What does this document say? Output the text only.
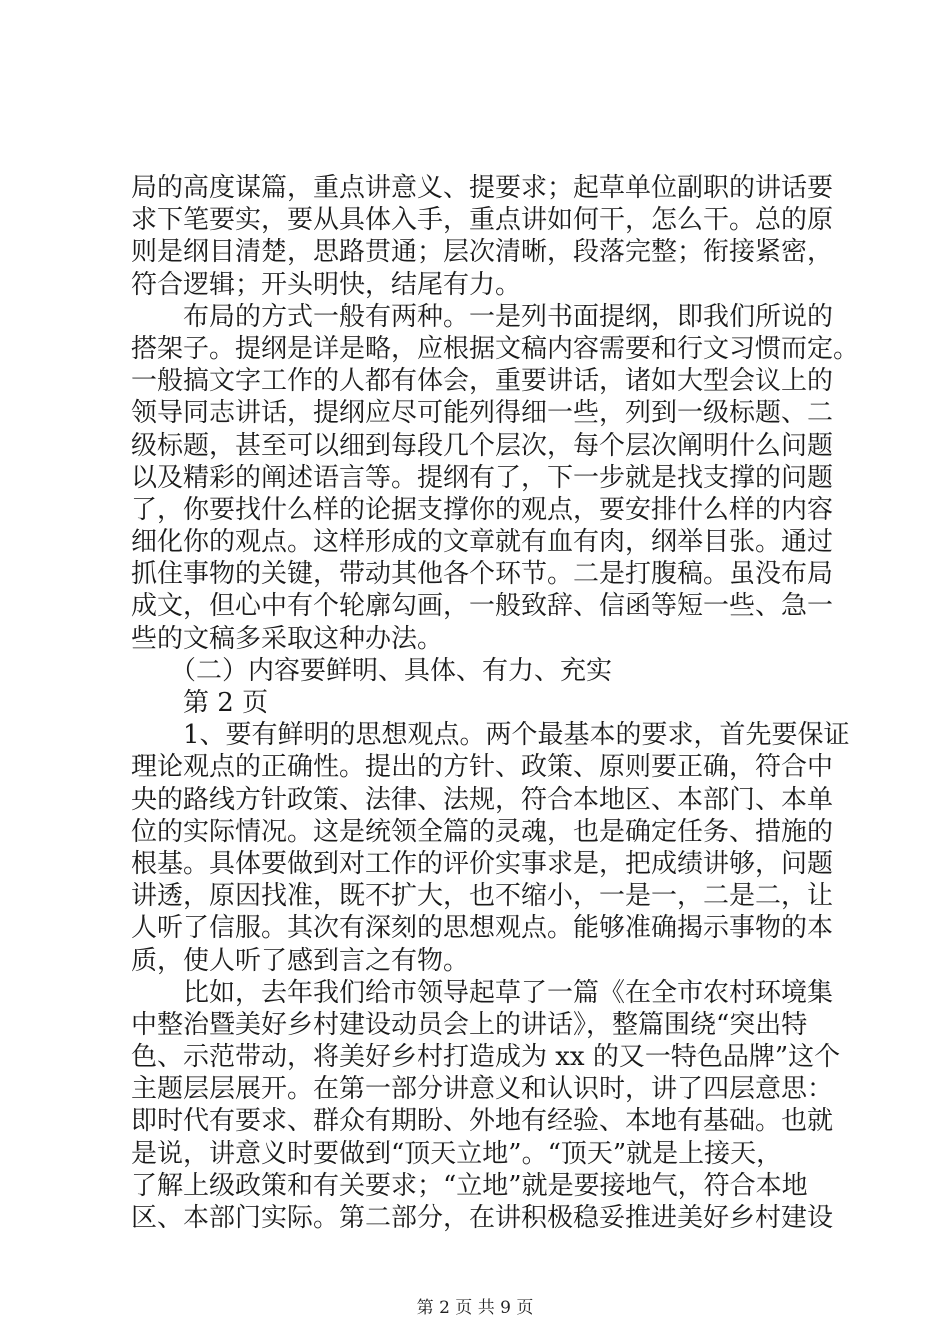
局的高度谋篇，重点讲意义、提要求；起草单位副职的讲话要
求下笔要实，要从具体入手，重点讲如何干，怎么干。总的原
则是纲目清楚，思路贯通；层次清晰，段落完整；衔接紧密，
符合逻辑；开头明快，结尾有力。
　　布局的方式一般有两种。一是列书面提纲，即我们所说的
搭架子。提纲是详是略，应根据文稿内容需要和行文习惯而定。
一般搞文字工作的人都有体会，重要讲话，诸如大型会议上的
领导同志讲话，提纲应尽可能列得细一些，列到一级标题、二
级标题，甚至可以细到每段几个层次，每个层次阐明什么问题
以及精彩的阐述语言等。提纲有了，下一步就是找支撑的问题
了，你要找什么样的论据支撑你的观点，要安排什么样的内容
细化你的观点。这样形成的文章就有血有肉，纲举目张。通过
抓住事物的关键，带动其他各个环节。二是打腹稿。虽没布局
成文，但心中有个轮廓勾画，一般致辞、信函等短一些、急一
些的文稿多采取这种办法。
　　（二）内容要鲜明、具体、有力、充实
　　第 2 页
　　1、要有鲜明的思想观点。两个最基本的要求，首先要保证
理论观点的正确性。提出的方针、政策、原则要正确，符合中
央的路线方针政策、法律、法规，符合本地区、本部门、本单
位的实际情况。这是统领全篇的灵魂，也是确定任务、措施的
根基。具体要做到对工作的评价实事求是，把成绩讲够，问题
讲透，原因找准，既不扩大，也不缩小，一是一，二是二，让
人听了信服。其次有深刻的思想观点。能够准确揭示事物的本
质，使人听了感到言之有物。
　　比如，去年我们给市领导起草了一篇《在全市农村环境集
中整治暨美好乡村建设动员会上的讲话》，整篇围绕“突出特
色、示范带动，将美好乡村打造成为 xx 的又一特色品牌”这个
主题层层展开。在第一部分讲意义和认识时，讲了四层意思：
即时代有要求、群众有期盼、外地有经验、本地有基础。也就
是说，讲意义时要做到“顶天立地”。“顶天”就是上接天，
了解上级政策和有关要求；“立地”就是要接地气，符合本地
区、本部门实际。第二部分，在讲积极稳妥推进美好乡村建设
第 2 页 共 9 页
